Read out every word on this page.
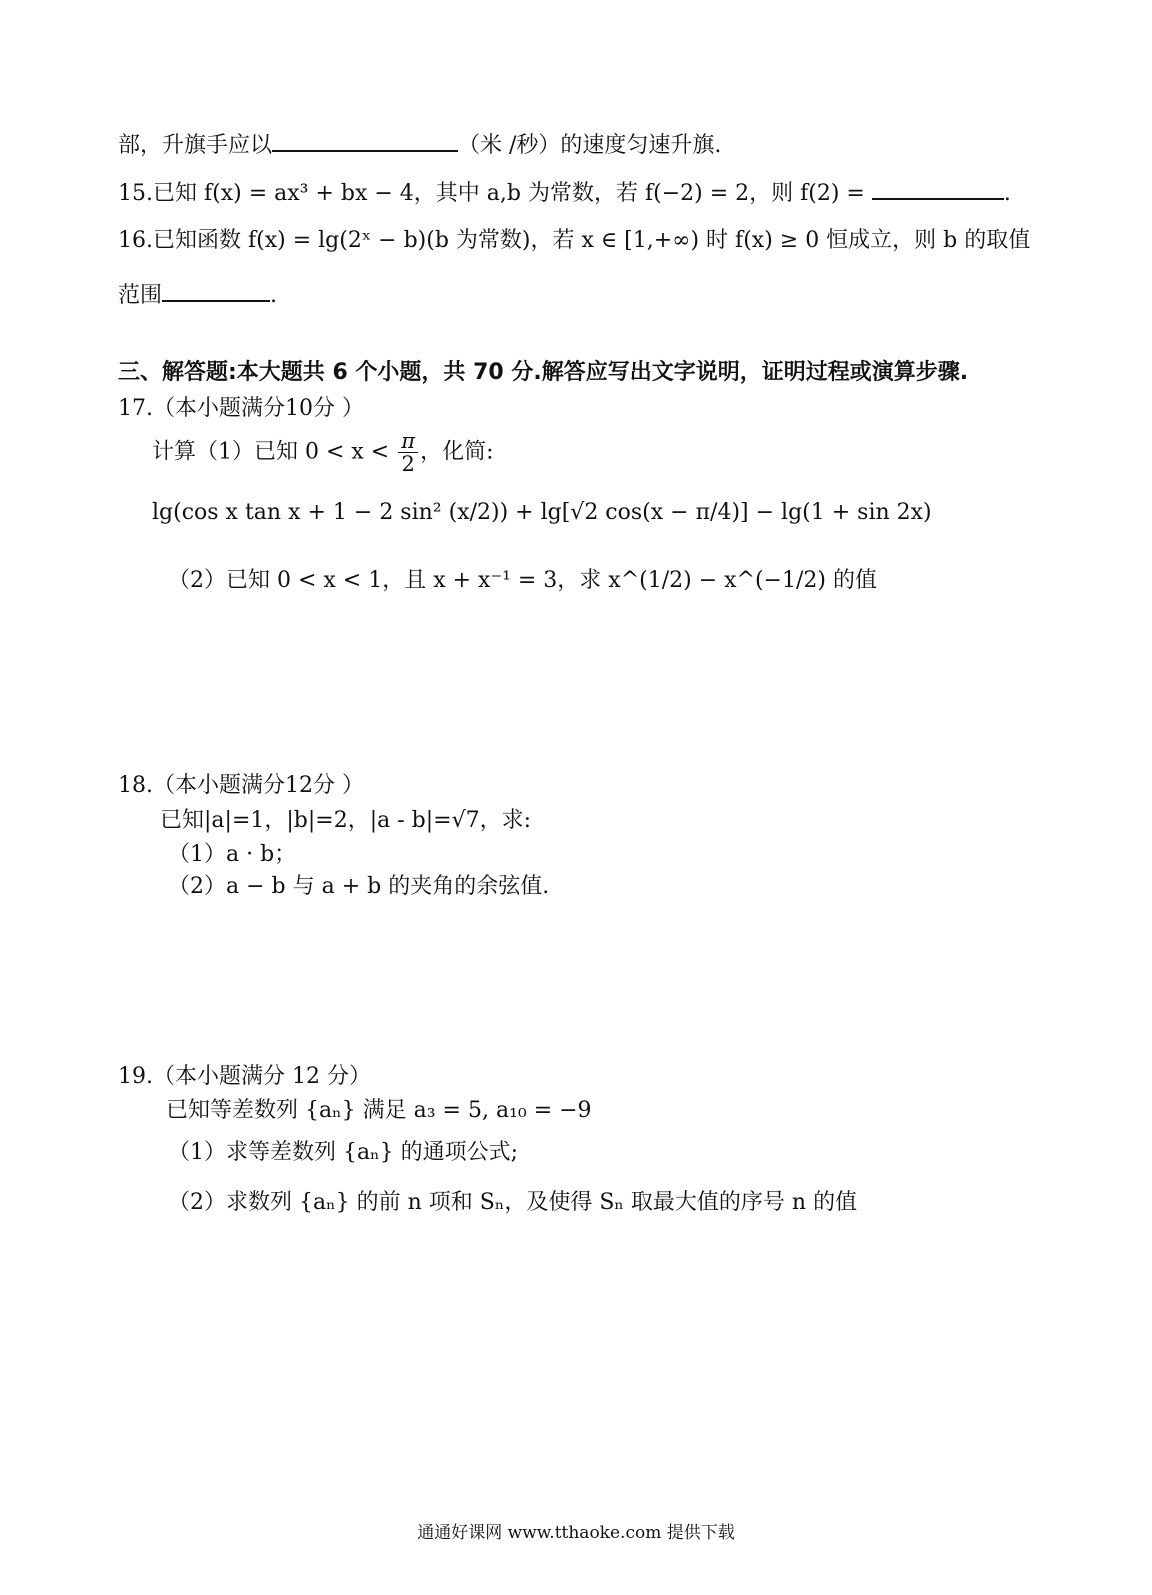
部，升旗手应以	（米 /秒）的速度匀速升旗.
15.已知 f(x) = ax³ + bx − 4，其中 a,b 为常数，若 f(−2) = 2，则 f(2) =	.
16.已知函数 f(x) = lg(2ˣ − b)(b 为常数)，若 x ∈ [1,+∞) 时 f(x) ≥ 0 恒成立，则 b 的取值
范围	.
三、解答题:本大题共 6 个小题，共 70 分.解答应写出文字说明，证明过程或演算步骤.
17.（本小题满分10分 ）
计算（1）已知 $0 < x < \frac{\pi}{2}$ ，化简:
lg(cos x tan x + 1 − 2 sin² (x/2)) + lg[√2 cos(x − π/4)] − lg(1 + sin 2x)
（2）已知 0 < x < 1，且 x + x⁻¹ = 3，求 x^(1/2) − x^(−1/2) 的值
18.（本小题满分12分 ）
已知|a|=1，|b|=2，|a - b|=√7，求:
（1）a · b；
（2）a − b 与 a + b 的夹角的余弦值.
19.（本小题满分 12 分）
已知等差数列 {aₙ} 满足 a₃ = 5, a₁₀ = −9
（1）求等差数列 {aₙ} 的通项公式;
（2）求数列 {aₙ} 的前 n 项和 Sₙ，及使得 Sₙ 取最大值的序号 n 的值
通通好课网 www.tthaoke.com 提供下载
